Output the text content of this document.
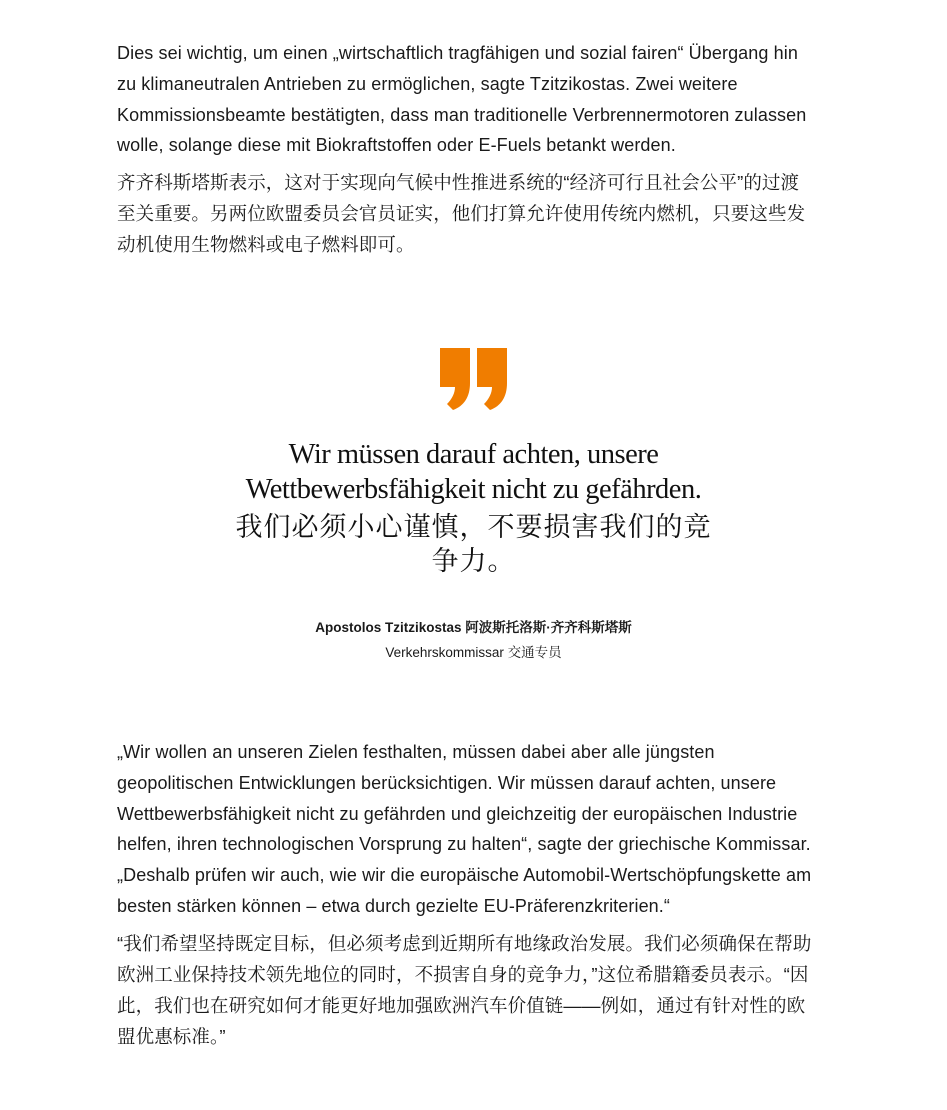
Dies sei wichtig, um einen „wirtschaftlich tragfähigen und sozial fairen“ Übergang hin zu klimaneutralen Antrieben zu ermöglichen, sagte Tzitzikostas. Zwei weitere Kommissionsbeamte bestätigten, dass man traditionelle Verbrennermotoren zulassen wolle, solange diese mit Biokraftstoffen oder E-Fuels betankt werden.

齐齐科斯塔斯表示，这对于实现向气候中性推进系统的“经济可行且社会公平”的过渡至关重要。另两位欧盟委员会官员证实，他们打算允许使用传统内燃机，只要这些发动机使用生物燃料或电子燃料即可。

Wir müssen darauf achten, unsere Wettbewerbsfähigkeit nicht zu gefährden.
我们必须小心谨慎，不要损害我们的竞争力。
Apostolos Tzitzikostas 阿波斯托洛斯·齐齐科斯塔斯
Verkehrskommissar 交通专员

„Wir wollen an unseren Zielen festhalten, müssen dabei aber alle jüngsten geopolitischen Entwicklungen berücksichtigen. Wir müssen darauf achten, unsere Wettbewerbsfähigkeit nicht zu gefährden und gleichzeitig der europäischen Industrie helfen, ihren technologischen Vorsprung zu halten“, sagte der griechische Kommissar. „Deshalb prüfen wir auch, wie wir die europäische Automobil-Wertschöpfungskette am besten stärken können – etwa durch gezielte EU-Präferenzkriterien.“

“我们希望坚持既定目标，但必须考虑到近期所有地缘政治发展。我们必须确保在帮助欧洲工业保持技术领先地位的同时，不损害自身的竞争力，”这位希腊籍委员表示。“因此，我们也在研究如何才能更好地加强欧洲汽车价值链——例如，通过有针对性的欧盟优惠标准。”
